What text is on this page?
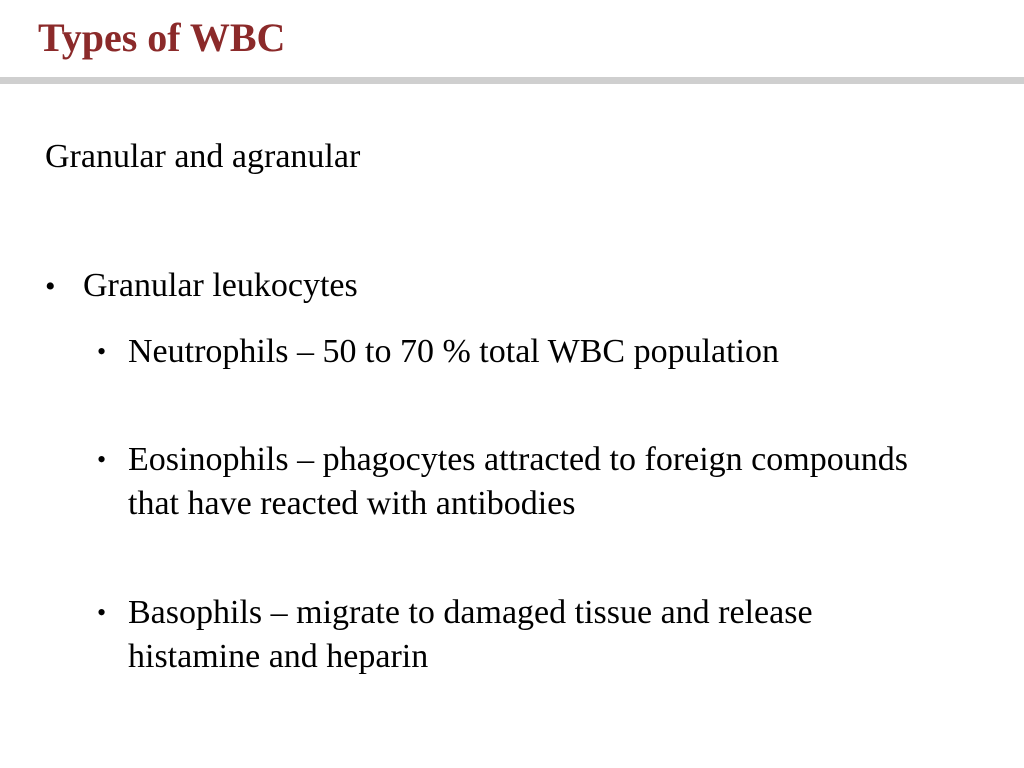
Types of WBC
Granular and agranular
• Granular leukocytes
• Neutrophils – 50 to 70 % total WBC population
• Eosinophils – phagocytes attracted to foreign compounds that have reacted with antibodies
• Basophils – migrate to damaged tissue and release histamine and heparin
